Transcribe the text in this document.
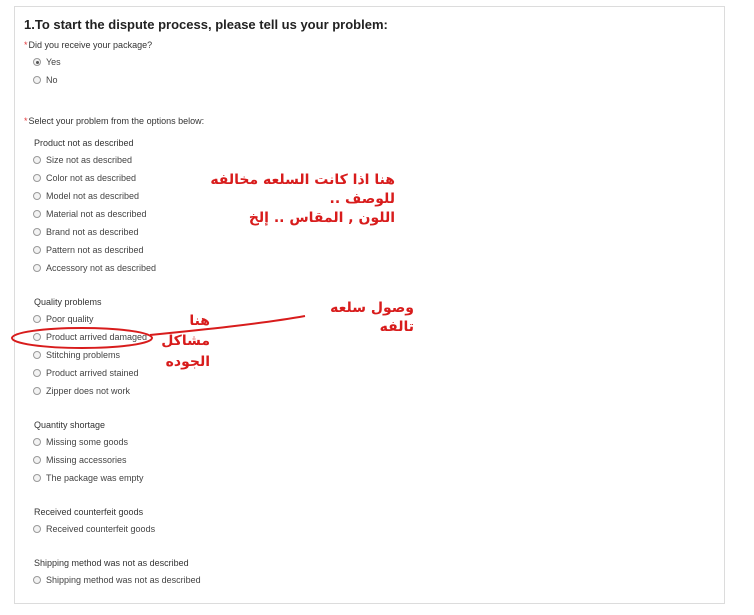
1.To start the dispute process, please tell us your problem:
*Did you receive your package?
Yes
No
*Select your problem from the options below:
Product not as described
Size not as described
Color not as described
Model not as described
Material not as described
Brand not as described
Pattern not as described
Accessory not as described
Quality problems
Poor quality
Product arrived damaged
Stitching problems
Product arrived stained
Zipper does not work
Quantity shortage
Missing some goods
Missing accessories
The package was empty
Received counterfeit goods
Received counterfeit goods
Shipping method was not as described
Shipping method was not as described
هنا اذا كانت السلعه مخالفه للوصف ..
اللون , المقاس .. إلخ
وصول سلعه تالفه
هنا
مشاكل
الجوده
